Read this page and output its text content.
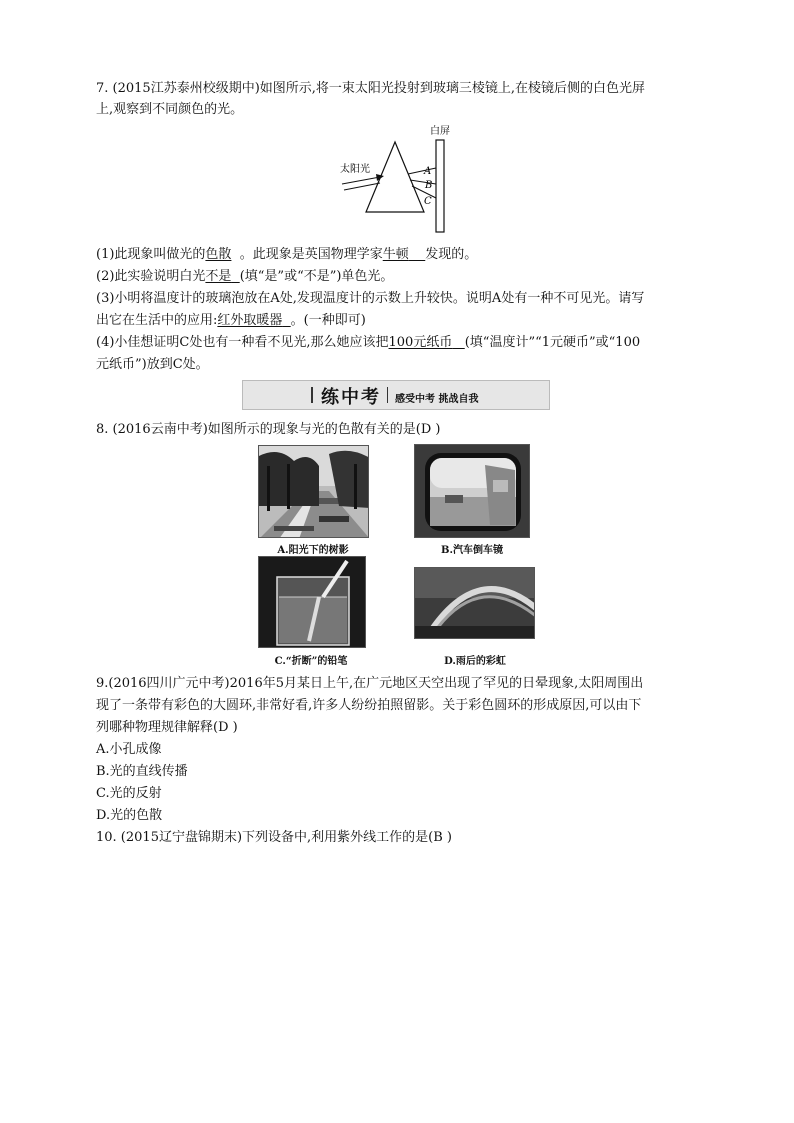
7. (2015江苏泰州校级期中)如图所示,将一束太阳光投射到玻璃三棱镜上,在棱镜后侧的白色光屏
上,观察到不同颜色的光。
白屏
太阳光	A
B
C
(1)此现象叫做光的色散 。此现象是英国物理学家牛顿 发现的。
(2)此实验说明白光不是 (填“是”或“不是”)单色光。
(3)小明将温度计的玻璃泡放在A处,发现温度计的示数上升较快。说明A处有一种不可见光。请写
出它在生活中的应用:红外取暖器 。(一种即可)
(4)小佳想证明C处也有一种看不见光,那么她应该把100元纸币 (填“温度计”“1元硬币”或“100
元纸币”)放到C处。
练中考 感受中考 挑战自我
8. (2016云南中考)如图所示的现象与光的色散有关的是(D )
A.阳光下的树影	B.汽车倒车镜
C.“折断”的铅笔	D.雨后的彩虹
9.(2016四川广元中考)2016年5月某日上午,在广元地区天空出现了罕见的日晕现象,太阳周围出
现了一条带有彩色的大圆环,非常好看,许多人纷纷拍照留影。关于彩色圆环的形成原因,可以由下
列哪种物理规律解释(D )
A.小孔成像
B.光的直线传播
C.光的反射
D.光的色散
10. (2015辽宁盘锦期末)下列设备中,利用紫外线工作的是(B )
